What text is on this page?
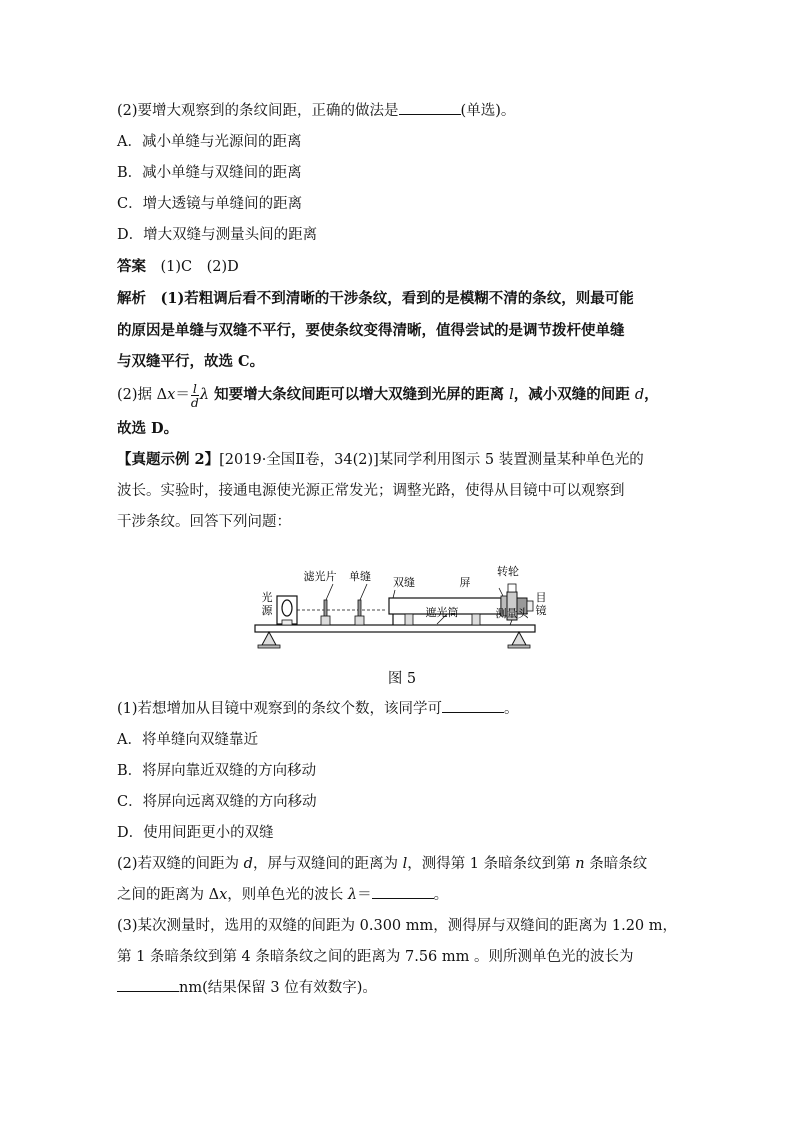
(2)要增大观察到的条纹间距，正确的做法是	(单选)。
A．减小单缝与光源间的距离
B．减小单缝与双缝间的距离
C．增大透镜与单缝间的距离
D．增大双缝与测量头间的距离
答案　 (1)C　(2)D
解析　 (1)若粗调后看不到清晰的干涉条纹，看到的是模糊不清的条纹，则最可能
的原因是单缝与双缝不平行，要使条纹变得清晰，值得尝试的是调节拨杆使单缝
与双缝平行，故选 C。
(2)据 $\Delta x= \frac{l}{d}$ λ 知要增大条纹间距可以增大双缝到光屏的距离 l，减小双缝的间距 d，
故选 D。
【真题示例 2】[2019·全国Ⅱ卷，34(2)]某同学利用图示 5 装置测量某种单色光的
波长。实验时，接通电源使光源正常发光；调整光路，使得从目镜中可以观察到
干涉条纹。回答下列问题：
光
源
滤光片 单缝 双缝	屏
转轮
目
镜
遮光筒	测量头
图 5
(1)若想增加从目镜中观察到的条纹个数，该同学可	。
A．将单缝向双缝靠近
B．将屏向靠近双缝的方向移动
C．将屏向远离双缝的方向移动
D．使用间距更小的双缝
(2)若双缝的间距为 d，屏与双缝间的距离为 l，测得第 1 条暗条纹到第 n 条暗条纹
之间的距离为 Δx，则单色光的波长 λ＝	。
(3)某次测量时，选用的双缝的间距为 0.300 mm，测得屏与双缝间的距离为 1.20 m，
第 1 条暗条纹到第 4 条暗条纹之间的距离为 7.56 mm 。则所测单色光的波长为
nm(结果保留 3 位有效数字)。
